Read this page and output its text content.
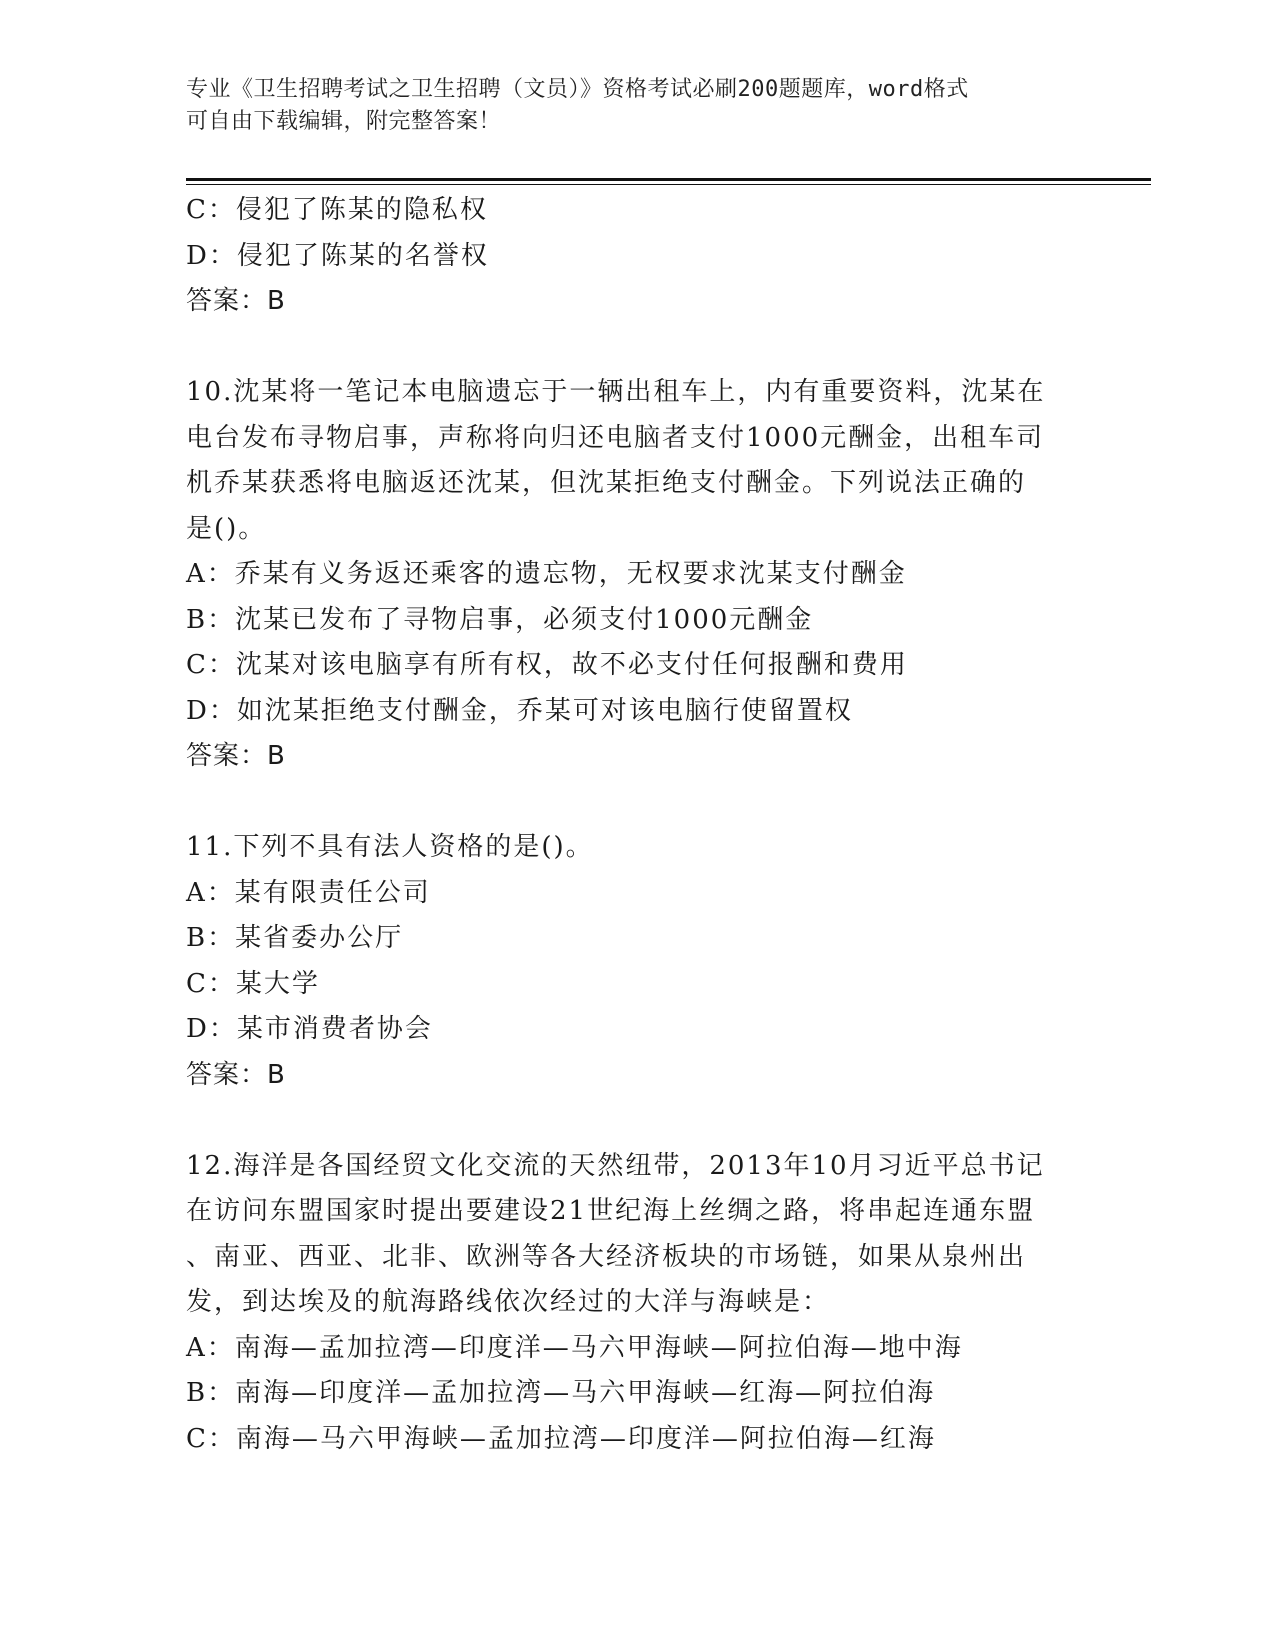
专业《卫生招聘考试之卫生招聘（文员）》资格考试必刷200题题库，word格式
可自由下载编辑，附完整答案！
C：侵犯了陈某的隐私权
D：侵犯了陈某的名誉权
答案：B
10.沈某将一笔记本电脑遗忘于一辆出租车上，内有重要资料，沈某在
电台发布寻物启事，声称将向归还电脑者支付1000元酬金，出租车司
机乔某获悉将电脑返还沈某，但沈某拒绝支付酬金。下列说法正确的
是()。
A：乔某有义务返还乘客的遗忘物，无权要求沈某支付酬金
B：沈某已发布了寻物启事，必须支付1000元酬金
C：沈某对该电脑享有所有权，故不必支付任何报酬和费用
D：如沈某拒绝支付酬金，乔某可对该电脑行使留置权
答案：B
11.下列不具有法人资格的是()。
A：某有限责任公司
B：某省委办公厅
C：某大学
D：某市消费者协会
答案：B
12.海洋是各国经贸文化交流的天然纽带，2013年10月习近平总书记
在访问东盟国家时提出要建设21世纪海上丝绸之路，将串起连通东盟
、南亚、西亚、北非、欧洲等各大经济板块的市场链，如果从泉州出
发，到达埃及的航海路线依次经过的大洋与海峡是：
A：南海—孟加拉湾—印度洋—马六甲海峡—阿拉伯海—地中海
B：南海—印度洋—孟加拉湾—马六甲海峡—红海—阿拉伯海
C：南海—马六甲海峡—孟加拉湾—印度洋—阿拉伯海—红海
